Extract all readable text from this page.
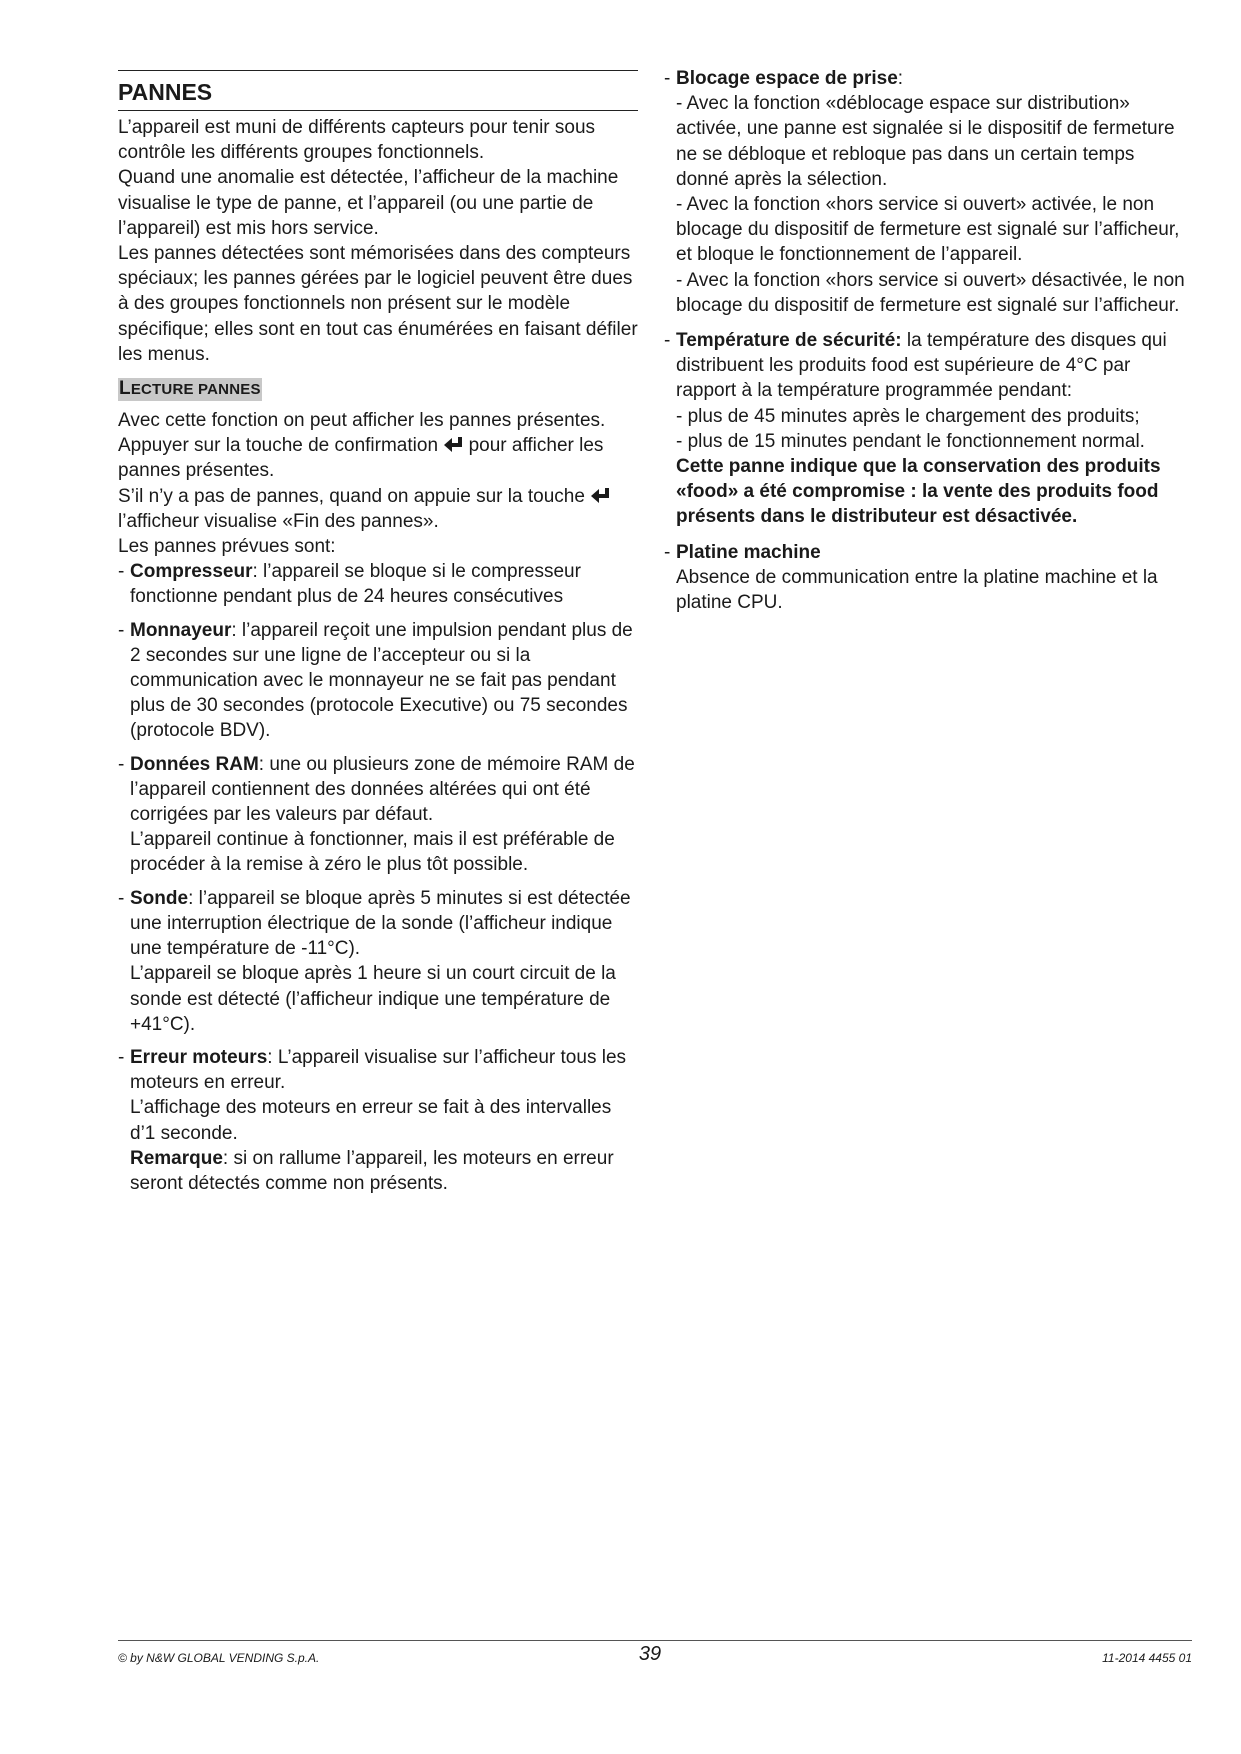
PANNES

L’appareil est muni de différents capteurs pour tenir sous contrôle les différents groupes fonctionnels.

Quand une anomalie est détectée, l’afficheur de la machine visualise le type de panne, et l’appareil (ou une partie de l’appareil) est mis hors service.

Les pannes détectées sont mémorisées dans des compteurs spéciaux; les pannes gérées par le logiciel peuvent être dues à des groupes fonctionnels non présent sur le modèle spécifique; elles sont en tout cas énumérées en faisant défiler les menus.

LECTURE PANNES

Avec cette fonction on peut afficher les pannes présentes.

Appuyer sur la touche de confirmation pour afficher les pannes présentes.

S’il n’y a pas de pannes, quand on appuie sur la touche  l’afficheur visualise «Fin des pannes».

Les pannes prévues sont:

- Compresseur: l’appareil se bloque si le compresseur fonctionne pendant plus de 24 heures consécutives
- Monnayeur: l’appareil reçoit une impulsion pendant plus de 2 secondes sur une ligne de l’accepteur ou si la communication avec le monnayeur ne se fait pas pendant plus de 30 secondes (protocole Executive) ou 75 secondes (protocole BDV).
- Données RAM: une ou plusieurs zone de mémoire RAM de l’appareil contiennent des données altérées qui ont été corrigées par les valeurs par défaut.

L’appareil continue à fonctionner, mais il est préférable de procéder à la remise à zéro le plus tôt possible.

- Sonde: l’appareil se bloque après 5 minutes si est détectée une interruption électrique de la sonde (l’afficheur indique une température de -11°C).

L’appareil se bloque après 1 heure si un court circuit de la sonde est détecté (l’afficheur indique une température de +41°C).

- Erreur moteurs: L’appareil visualise sur l’afficheur tous les moteurs en erreur.

L’affichage des moteurs en erreur se fait à des intervalles d’1 seconde.

Remarque: si on rallume l’appareil, les moteurs en erreur seront détectés comme non présents.

- Blocage espace de prise:

- Avec la fonction «déblocage espace sur distribution» activée, une panne est signalée si le dispositif de fermeture ne se débloque et rebloque pas dans un certain temps donné après la sélection.

- Avec la fonction «hors service si ouvert» activée, le non blocage du dispositif de fermeture est signalé sur l’afficheur, et bloque le fonctionnement de l’appareil.

- Avec la fonction «hors service si ouvert» désactivée, le non blocage du dispositif de fermeture est signalé sur l’afficheur.

- Température de sécurité: la température des disques qui distribuent les produits food est supérieure de 4°C par rapport à la température programmée pendant:

- plus de 45 minutes après le chargement des produits;

- plus de 15 minutes pendant le fonctionnement normal.

Cette panne indique que la conservation des produits «food» a été compromise : la vente des produits food présents dans le distributeur est désactivée.

- Platine machine

Absence de communication entre la platine machine et la platine CPU.

© by N&W GLOBAL VENDING S.p.A.	39	11-2014 4455 01
